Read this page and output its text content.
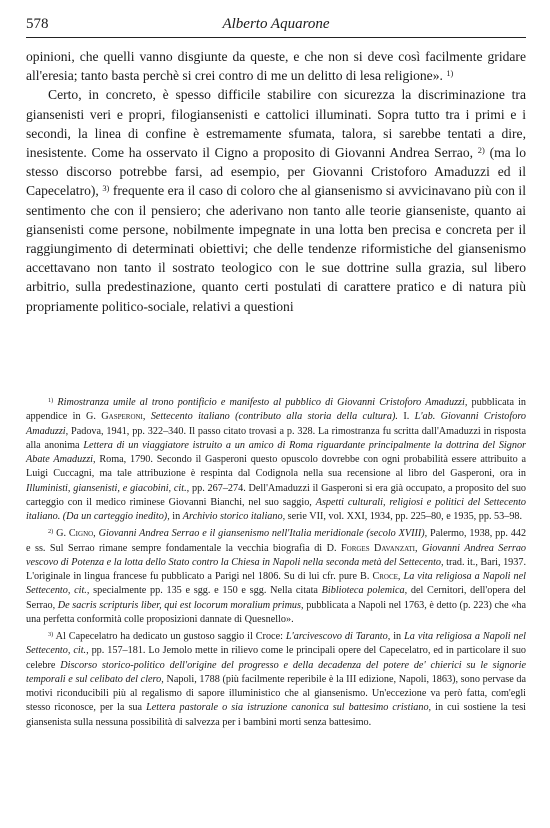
578	Alberto Aquarone

opinioni, che quelli vanno disgiunte da queste, e che non si deve così facilmente gridare all'eresia; tanto basta perchè si crei contro di me un delitto di lesa religione». $^{1)}$

Certo, in concreto, è spesso difficile stabilire con sicurezza la discriminazione tra giansenisti veri e propri, filogiansenisti e cattolici illuminati. Sopra tutto tra i primi e i secondi, la linea di confine è estremamente sfumata, talora, si sarebbe tentati a dire, inesistente. Come ha osservato il Cigno a proposito di Giovanni Andrea Serrao, $^{2)}$ (ma lo stesso discorso potrebbe farsi, ad esempio, per Giovanni Cristoforo Amaduzzi ed il Capecelatro), $^{3)}$ frequente era il caso di coloro che al giansenismo si avvicinavano più con il sentimento che con il pensiero; che aderivano non tanto alle teorie gianseniste, quanto ai giansenisti come persone, nobilmente impegnate in una lotta ben precisa e concreta per il raggiungimento di determinati obiettivi; che delle tendenze riformistiche del giansenismo accettavano non tanto il sostrato teologico con le sue dottrine sulla grazia, sul libero arbitrio, sulla predestinazione, quanto certi postulati di carattere pratico e di natura più propriamente politico-sociale, relativi a questioni

$^{1)}$ Rimostranza umile al trono pontificio e manifesto al pubblico di Giovanni Cristoforo Amaduzzi, pubblicata in appendice in G. Gasperoni, Settecento italiano (contributo alla storia della cultura). I. L'ab. Giovanni Cristoforo Amaduzzi, Padova, 1941, pp. 322–340. Il passo citato trovasi a p. 328. La rimostranza fu scritta dall'Amaduzzi in risposta alla anonima Lettera di un viaggiatore istruito a un amico di Roma riguardante principalmente la dottrina del Signor Abate Amaduzzi, Roma, 1790. Secondo il Gasperoni questo opuscolo dovrebbe con ogni probabilità essere attribuito a Luigi Cuccagni, ma tale attribuzione è respinta dal Codignola nella sua recensione al libro del Gasperoni, ora in Illuministi, giansenisti, e giacobini, cit., pp. 267–274. Dell'Amaduzzi il Gasperoni si era già occupato, a proposito del suo carteggio con il medico riminese Giovanni Bianchi, nel suo saggio, Aspetti culturali, religiosi e politici del Settecento italiano. (Da un carteggio inedito), in Archivio storico italiano, serie VII, vol. XXI, 1934, pp. 225–80, e 1935, pp. 53–98.

$^{2)}$ G. Cigno, Giovanni Andrea Serrao e il giansenismo nell'Italia meridionale (secolo XVIII), Palermo, 1938, pp. 442 e ss. Sul Serrao rimane sempre fondamentale la vecchia biografia di D. Forges Davanzati, Giovanni Andrea Serrao vescovo di Potenza e la lotta dello Stato contro la Chiesa in Napoli nella seconda metà del Settecento, trad. it., Bari, 1937. L'originale in lingua francese fu pubblicato a Parigi nel 1806. Su di lui cfr. pure B. Croce, La vita religiosa a Napoli nel Settecento, cit., specialmente pp. 135 e sgg. e 150 e sgg. Nella citata Biblioteca polemica, del Cernitori, dell'opera del Serrao, De sacris scripturis liber, qui est locorum moralium primus, pubblicata a Napoli nel 1763, è detto (p. 223) che «ha una perfetta conformità colle proposizioni dannate di Quesnello».

$^{3)}$ Al Capecelatro ha dedicato un gustoso saggio il Croce: L'arcivescovo di Taranto, in La vita religiosa a Napoli nel Settecento, cit., pp. 157–181. Lo Jemolo mette in rilievo come le principali opere del Capecelatro, ed in particolare il suo celebre Discorso storico-politico dell'origine del progresso e della decadenza del potere de' chierici su le signorie temporali e sul celibato del clero, Napoli, 1788 (più facilmente reperibile è la III edizione, Napoli, 1863), sono pervase da motivi riconducibili più al regalismo di sapore illuministico che al giansenismo. Un'eccezione va però fatta, com'egli stesso riconosce, per la sua Lettera pastorale o sia istruzione canonica sul battesimo cristiano, in cui sostiene la tesi giansenista sulla nessuna possibilità di salvezza per i bambini morti senza battesimo.
